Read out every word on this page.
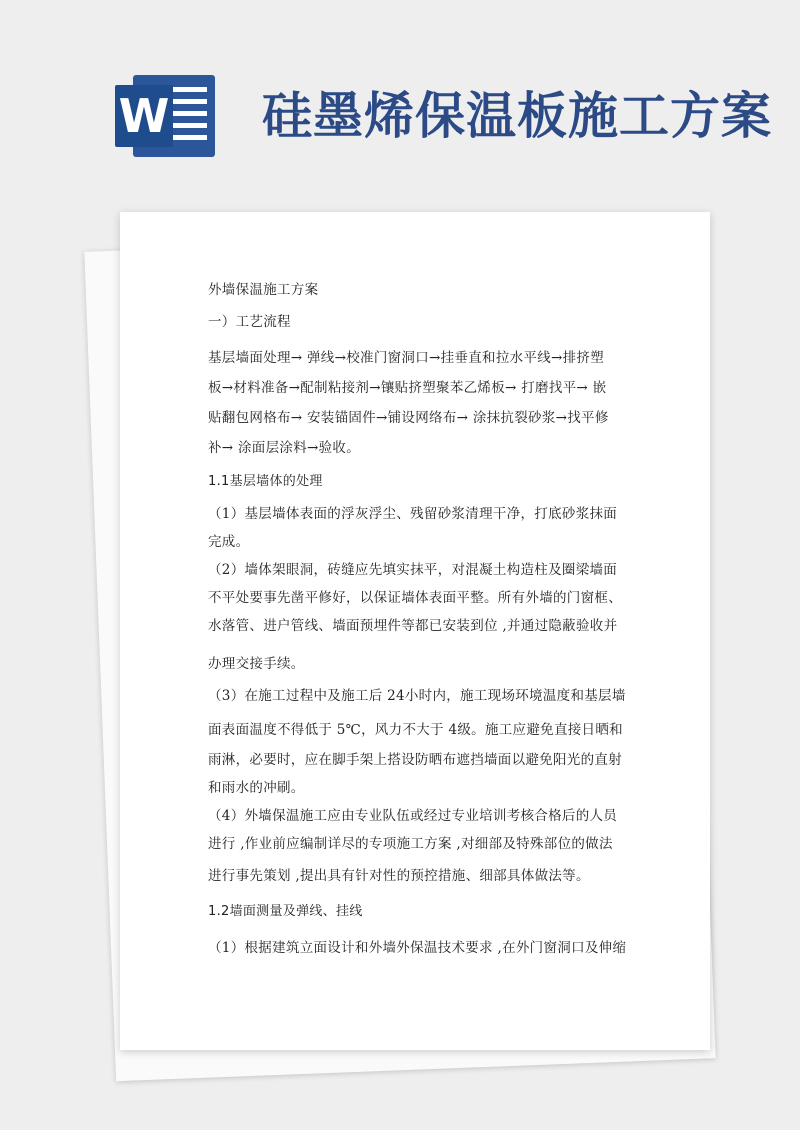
W 硅墨烯保温板施工方案

外墙保温施工方案

一）工艺流程

基层墙面处理→ 弹线→校准门窗洞口→挂垂直和拉水平线→排挤塑

板→材料准备→配制粘接剂→镶贴挤塑聚苯乙烯板→ 打磨找平→ 嵌

贴翻包网格布→ 安装锚固件→铺设网络布→ 涂抹抗裂砂浆→找平修

补→ 涂面层涂料→验收。

1.1基层墙体的处理

（1）基层墙体表面的浮灰浮尘、残留砂浆清理干净，打底砂浆抹面

完成。

（2）墙体架眼洞，砖缝应先填实抹平，对混凝土构造柱及圈梁墙面

不平处要事先凿平修好，以保证墙体表面平整。所有外墙的门窗框、

水落管、进户管线、墙面预埋件等都已安装到位 ,并通过隐蔽验收并

办理交接手续。

（3）在施工过程中及施工后 24小时内，施工现场环境温度和基层墙

面表面温度不得低于 5℃，风力不大于 4级。施工应避免直接日晒和

雨淋，必要时，应在脚手架上搭设防晒布遮挡墙面以避免阳光的直射

和雨水的冲刷。

（4）外墙保温施工应由专业队伍或经过专业培训考核合格后的人员

进行 ,作业前应编制详尽的专项施工方案 ,对细部及特殊部位的做法

进行事先策划 ,提出具有针对性的预控措施、细部具体做法等。

1.2墙面测量及弹线、挂线

（1）根据建筑立面设计和外墙外保温技术要求 ,在外门窗洞口及伸缩
